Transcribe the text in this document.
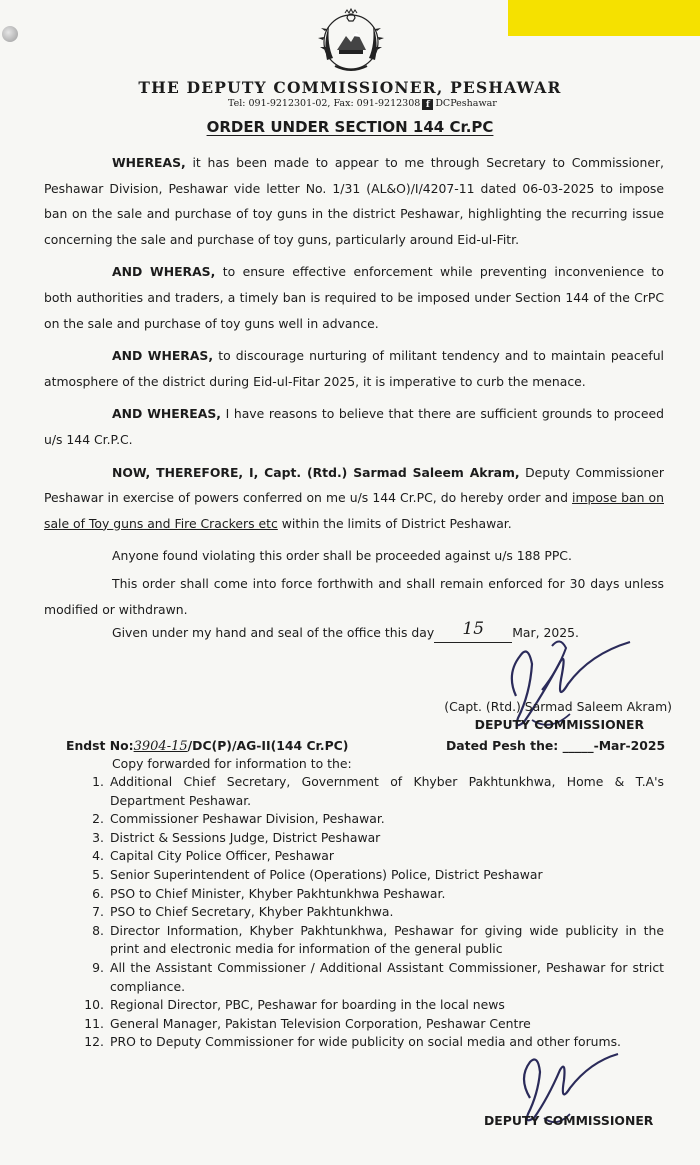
THE DEPUTY COMMISSIONER, PESHAWAR
Tel: 091-9212301-02, Fax: 091-9212308 f DCPeshawar
ORDER UNDER SECTION 144 Cr.PC

WHEREAS, it has been made to appear to me through Secretary to Commissioner, Peshawar Division, Peshawar vide letter No. 1/31 (AL&O)/I/4207-11 dated 06-03-2025 to impose ban on the sale and purchase of toy guns in the district Peshawar, highlighting the recurring issue concerning the sale and purchase of toy guns, particularly around Eid-ul-Fitr.

AND WHERAS, to ensure effective enforcement while preventing inconvenience to both authorities and traders, a timely ban is required to be imposed under Section 144 of the CrPC on the sale and purchase of toy guns well in advance.

AND WHERAS, to discourage nurturing of militant tendency and to maintain peaceful atmosphere of the district during Eid-ul-Fitar 2025, it is imperative to curb the menace.

AND WHEREAS, I have reasons to believe that there are sufficient grounds to proceed u/s 144 Cr.P.C.

NOW, THEREFORE, I, Capt. (Rtd.) Sarmad Saleem Akram, Deputy Commissioner Peshawar in exercise of powers conferred on me u/s 144 Cr.PC, do hereby order and impose ban on sale of Toy guns and Fire Crackers etc within the limits of District Peshawar.

Anyone found violating this order shall be proceeded against u/s 188 PPC.

This order shall come into force forthwith and shall remain enforced for 30 days unless modified or withdrawn.

Given under my hand and seal of the office this day 15 Mar, 2025.
(Capt. (Rtd.) Sarmad Saleem Akram)
DEPUTY COMMISSIONER
Endst No:3904-15/DC(P)/AG-II(144 Cr.PC)	Dated Pesh the: _____-Mar-2025
Copy forwarded for information to the:
1. Additional Chief Secretary, Government of Khyber Pakhtunkhwa, Home & T.A's Department Peshawar.
2. Commissioner Peshawar Division, Peshawar.
3. District & Sessions Judge, District Peshawar
4. Capital City Police Officer, Peshawar
5. Senior Superintendent of Police (Operations) Police, District Peshawar
6. PSO to Chief Minister, Khyber Pakhtunkhwa Peshawar.
7. PSO to Chief Secretary, Khyber Pakhtunkhwa.
8. Director Information, Khyber Pakhtunkhwa, Peshawar for giving wide publicity in the print and electronic media for information of the general public
9. All the Assistant Commissioner / Additional Assistant Commissioner, Peshawar for strict compliance.
10. Regional Director, PBC, Peshawar for boarding in the local news
11. General Manager, Pakistan Television Corporation, Peshawar Centre
12. PRO to Deputy Commissioner for wide publicity on social media and other forums.
DEPUTY COMMISSIONER
